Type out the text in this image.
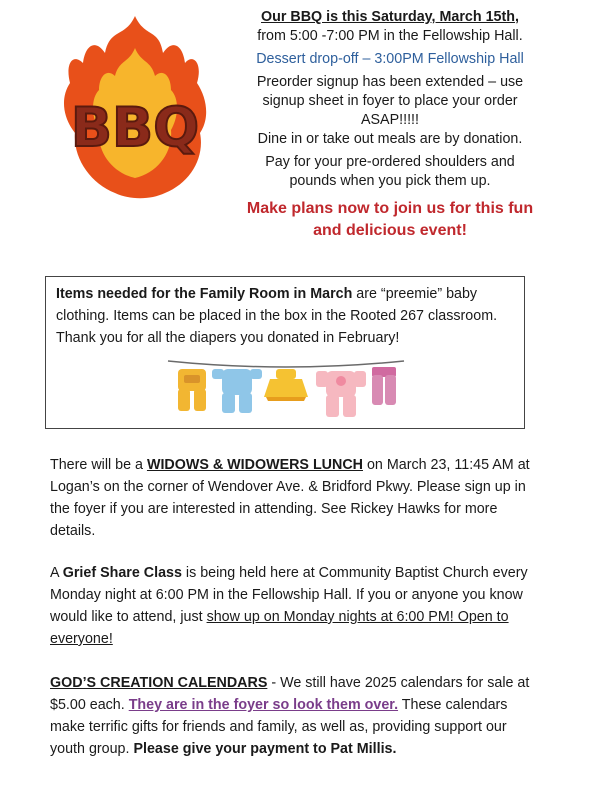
BBQ

Our BBQ is this Saturday, March 15th,

from 5:00 -7:00 PM in the Fellowship Hall.

Dessert drop-off – 3:00PM Fellowship Hall

Preorder signup has been extended – use signup sheet in foyer to place your order ASAP!!!!!

Dine in or take out meals are by donation.

Pay for your pre-ordered shoulders and pounds when you pick them up.

Make plans now to join us for this fun and delicious event!

Items needed for the Family Room in March are “preemie” baby clothing. Items can be placed in the box in the Rooted 267 classroom. Thank you for all the diapers you donated in February!

There will be a WIDOWS & WIDOWERS LUNCH on March 23, 11:45 AM at Logan’s on the corner of Wendover Ave. & Bridford Pkwy. Please sign up in the foyer if you are interested in attending. See Rickey Hawks for more details.

A Grief Share Class is being held here at Community Baptist Church every Monday night at 6:00 PM in the Fellowship Hall. If you or anyone you know would like to attend, just show up on Monday nights at 6:00 PM! Open to everyone!

GOD’S CREATION CALENDARS - We still have 2025 calendars for sale at $5.00 each. They are in the foyer so look them over. These calendars make terrific gifts for friends and family, as well as, providing support our youth group. Please give your payment to Pat Millis.
